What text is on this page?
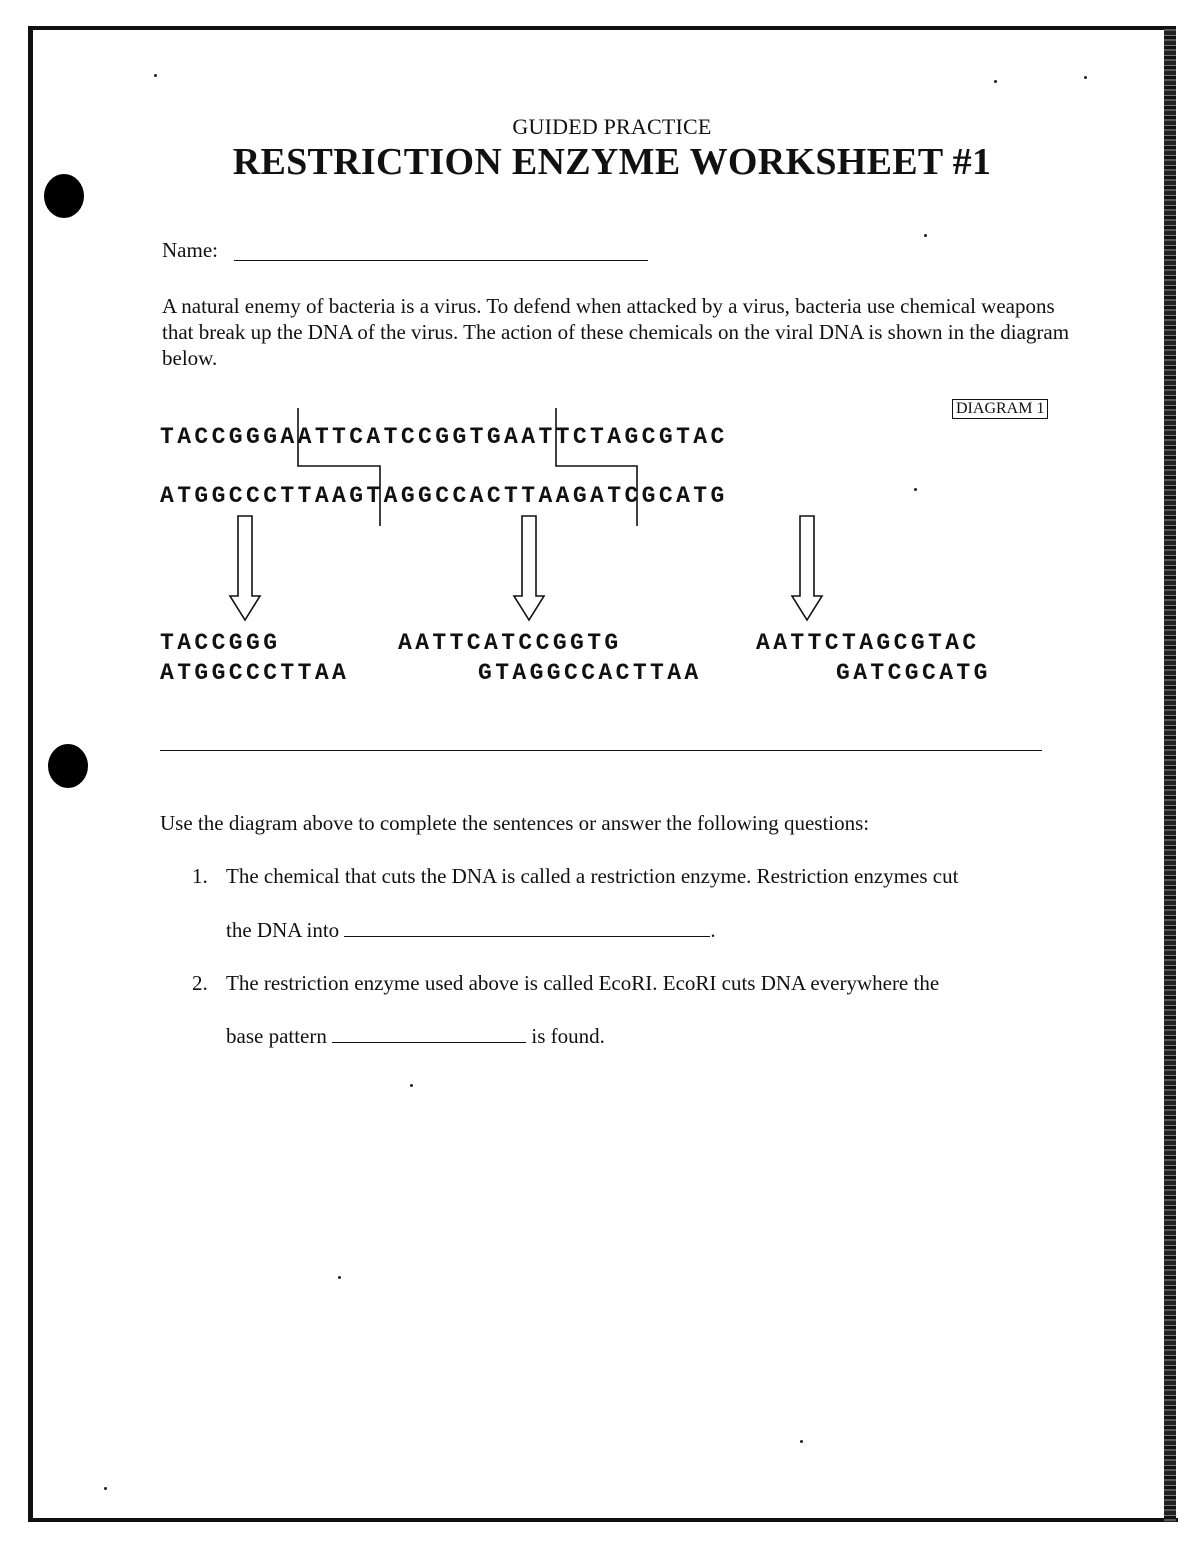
GUIDED PRACTICE
RESTRICTION ENZYME WORKSHEET #1
Name:
A natural enemy of bacteria is a virus. To defend when attacked by a virus, bacteria use chemical weapons that break up the DNA of the virus. The action of these chemicals on the viral DNA is shown in the diagram below.
DIAGRAM 1
TACCGGGAATTCATCCGGTGAATTCTAGCGTAC
ATGGCCCTTAAGTAGGCCACTTAAGATCGCATG
TACCGGG
ATGGCCCTTAA
AATTCATCCGGTG
GTAGGCCACTTAA
AATTCTAGCGTAC
GATCGCATG
Use the diagram above to complete the sentences or answer the following questions:
1. The chemical that cuts the DNA is called a restriction enzyme. Restriction enzymes cut
the DNA into	.
2. The restriction enzyme used above is called EcoRI. EcoRI cuts DNA everywhere the
base pattern	is found.
